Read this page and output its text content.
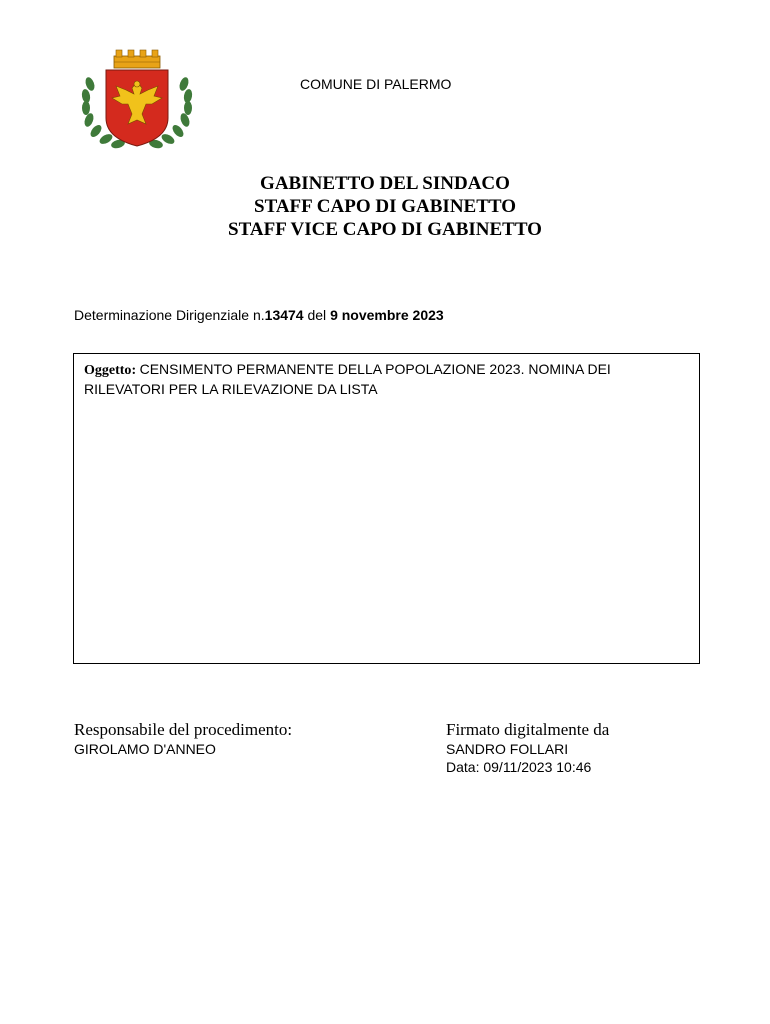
COMUNE DI PALERMO
GABINETTO DEL SINDACO
STAFF CAPO DI GABINETTO
STAFF VICE CAPO DI GABINETTO
Determinazione Dirigenziale n.13474 del 9 novembre 2023
Oggetto: CENSIMENTO PERMANENTE DELLA POPOLAZIONE 2023. NOMINA DEI RILEVATORI PER LA RILEVAZIONE DA LISTA
Responsabile del procedimento:
GIROLAMO D'ANNEO
Firmato digitalmente da
SANDRO FOLLARI
Data: 09/11/2023 10:46
